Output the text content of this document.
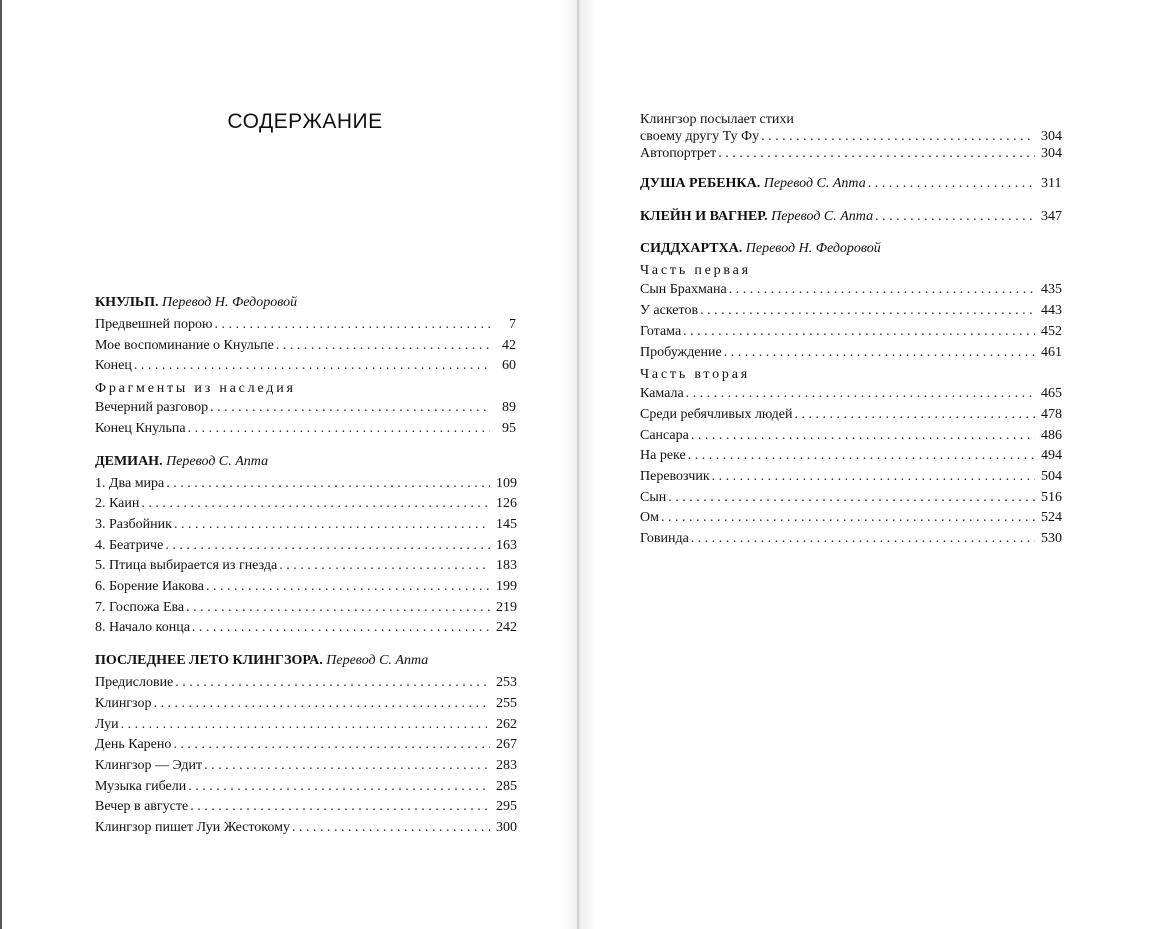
СОДЕРЖАНИЕ
КНУЛЬП. Перевод Н. Федоровой
Предвешней порою . . .	7
Мое воспоминание о Кнульпе . . .	42
Конец . . .	60
Фрагменты из наследия
Вечерний разговор . . .	89
Конец Кнульпа . . .	95
ДЕМИАН. Перевод С. Апта
1. Два мира . . .	109
2. Каин . . .	126
3. Разбойник . . .	145
4. Беатриче . . .	163
5. Птица выбирается из гнезда . . .	183
6. Борение Иакова . . .	199
7. Госпожа Ева . . .	219
8. Начало конца . . .	242
ПОСЛЕДНЕЕ ЛЕТО КЛИНГЗОРА. Перевод С. Апта
Предисловие . . .	253
Клингзор . . .	255
Луи . . .	262
День Карено . . .	267
Клингзор — Эдит . . .	283
Музыка гибели . . .	285
Вечер в августе . . .	295
Клингзор пишет Луи Жестокому . . .	300
Клингзор посылает стихи
своему другу Ту Фу . . .	304
Автопортрет . . .	304
ДУША РЕБЕНКА. Перевод С. Апта . . .	311
КЛЕЙН И ВАГНЕР. Перевод С. Апта . . .	347
СИДДХАРТХА. Перевод Н. Федоровой
Часть первая
Сын Брахмана . . .	435
У аскетов . . .	443
Готама . . .	452
Пробуждение . . .	461
Часть вторая
Камала . . .	465
Среди ребячливых людей . . .	478
Сансара . . .	486
На реке . . .	494
Перевозчик . . .	504
Сын . . .	516
Ом . . .	524
Говинда . . .	530
